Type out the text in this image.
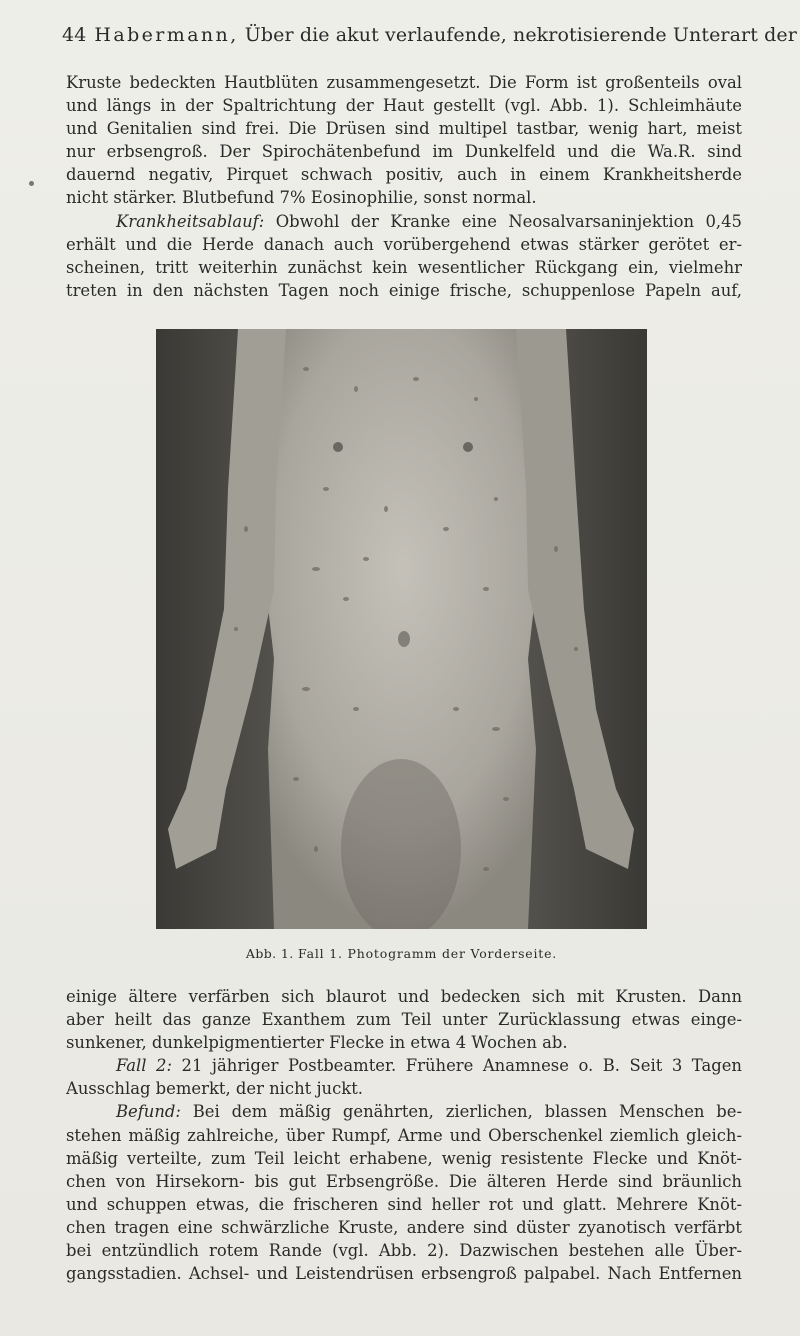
44 Habermann, Über die akut verlaufende, nekrotisierende Unterart der
Kruste bedeckten Hautblüten zusammengesetzt. Die Form ist großenteils oval
und längs in der Spaltrichtung der Haut gestellt (vgl. Abb. 1). Schleimhäute
und Genitalien sind frei. Die Drüsen sind multipel tastbar, wenig hart, meist
nur erbsengroß. Der Spirochätenbefund im Dunkelfeld und die Wa.R. sind
dauernd negativ, Pirquet schwach positiv, auch in einem Krankheitsherde
nicht stärker. Blutbefund 7% Eosinophilie, sonst normal.
Krankheitsablauf: Obwohl der Kranke eine Neosalvarsaninjektion 0,45
erhält und die Herde danach auch vorübergehend etwas stärker gerötet er-
scheinen, tritt weiterhin zunächst kein wesentlicher Rückgang ein, vielmehr
treten in den nächsten Tagen noch einige frische, schuppenlose Papeln auf,
Abb. 1. Fall 1. Photogramm der Vorderseite.
einige ältere verfärben sich blaurot und bedecken sich mit Krusten. Dann
aber heilt das ganze Exanthem zum Teil unter Zurücklassung etwas einge-
sunkener, dunkelpigmentierter Flecke in etwa 4 Wochen ab.
Fall 2: 21 jähriger Postbeamter. Frühere Anamnese o. B. Seit 3 Tagen
Ausschlag bemerkt, der nicht juckt.
Befund: Bei dem mäßig genährten, zierlichen, blassen Menschen be-
stehen mäßig zahlreiche, über Rumpf, Arme und Oberschenkel ziemlich gleich-
mäßig verteilte, zum Teil leicht erhabene, wenig resistente Flecke und Knöt-
chen von Hirsekorn- bis gut Erbsengröße. Die älteren Herde sind bräunlich
und schuppen etwas, die frischeren sind heller rot und glatt. Mehrere Knöt-
chen tragen eine schwärzliche Kruste, andere sind düster zyanotisch verfärbt
bei entzündlich rotem Rande (vgl. Abb. 2). Dazwischen bestehen alle Über-
gangsstadien. Achsel- und Leistendrüsen erbsengroß palpabel. Nach Entfernen
